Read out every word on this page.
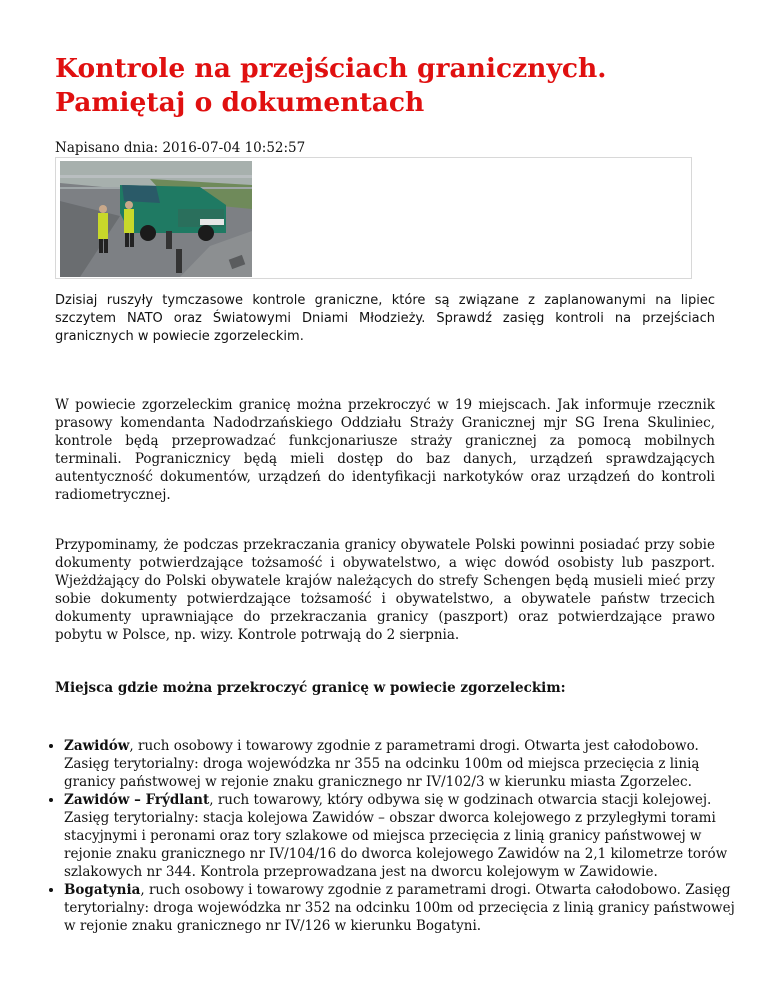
Kontrole na przejściach granicznych. Pamiętaj o dokumentach
Napisano dnia: 2016-07-04 10:52:57

Dzisiaj ruszyły tymczasowe kontrole graniczne, które są związane z zaplanowanymi na lipiec szczytem NATO oraz Światowymi Dniami Młodzieży. Sprawdź zasięg kontroli na przejściach granicznych w powiecie zgorzeleckim.

W powiecie zgorzeleckim granicę można przekroczyć w 19 miejscach. Jak informuje rzecznik prasowy komendanta Nadodrzańskiego Oddziału Straży Granicznej mjr SG Irena Skuliniec, kontrole będą przeprowadzać funkcjonariusze straży granicznej za pomocą mobilnych terminali. Pogranicznicy będą mieli dostęp do baz danych, urządzeń sprawdzających autentyczność dokumentów, urządzeń do identyfikacji narkotyków oraz urządzeń do kontroli radiometrycznej.

Przypominamy, że podczas przekraczania granicy obywatele Polski powinni posiadać przy sobie dokumenty potwierdzające tożsamość i obywatelstwo, a więc dowód osobisty lub paszport. Wjeżdżający do Polski obywatele krajów należących do strefy Schengen będą musieli mieć przy sobie dokumenty potwierdzające tożsamość i obywatelstwo, a obywatele państw trzecich dokumenty uprawniające do przekraczania granicy (paszport) oraz potwierdzające prawo pobytu w Polsce, np. wizy. Kontrole potrwają do 2 sierpnia.

Miejsca gdzie można przekroczyć granicę w powiecie zgorzeleckim:
• Zawidów, ruch osobowy i towarowy zgodnie z parametrami drogi. Otwarta jest całodobowo. Zasięg terytorialny: droga wojewódzka nr 355 na odcinku 100m od miejsca przecięcia z linią granicy państwowej w rejonie znaku granicznego nr IV/102/3 w kierunku miasta Zgorzelec.
• Zawidów – Frýdlant, ruch towarowy, który odbywa się w godzinach otwarcia stacji kolejowej. Zasięg terytorialny: stacja kolejowa Zawidów – obszar dworca kolejowego z przyległymi torami stacyjnymi i peronami oraz tory szlakowe od miejsca przecięcia z linią granicy państwowej w rejonie znaku granicznego nr IV/104/16 do dworca kolejowego Zawidów na 2,1 kilometrze torów szlakowych nr 344. Kontrola przeprowadzana jest na dworcu kolejowym w Zawidowie.
• Bogatynia, ruch osobowy i towarowy zgodnie z parametrami drogi. Otwarta całodobowo. Zasięg terytorialny: droga wojewódzka nr 352 na odcinku 100m od przecięcia z linią granicy państwowej w rejonie znaku granicznego nr IV/126 w kierunku Bogatyni.
